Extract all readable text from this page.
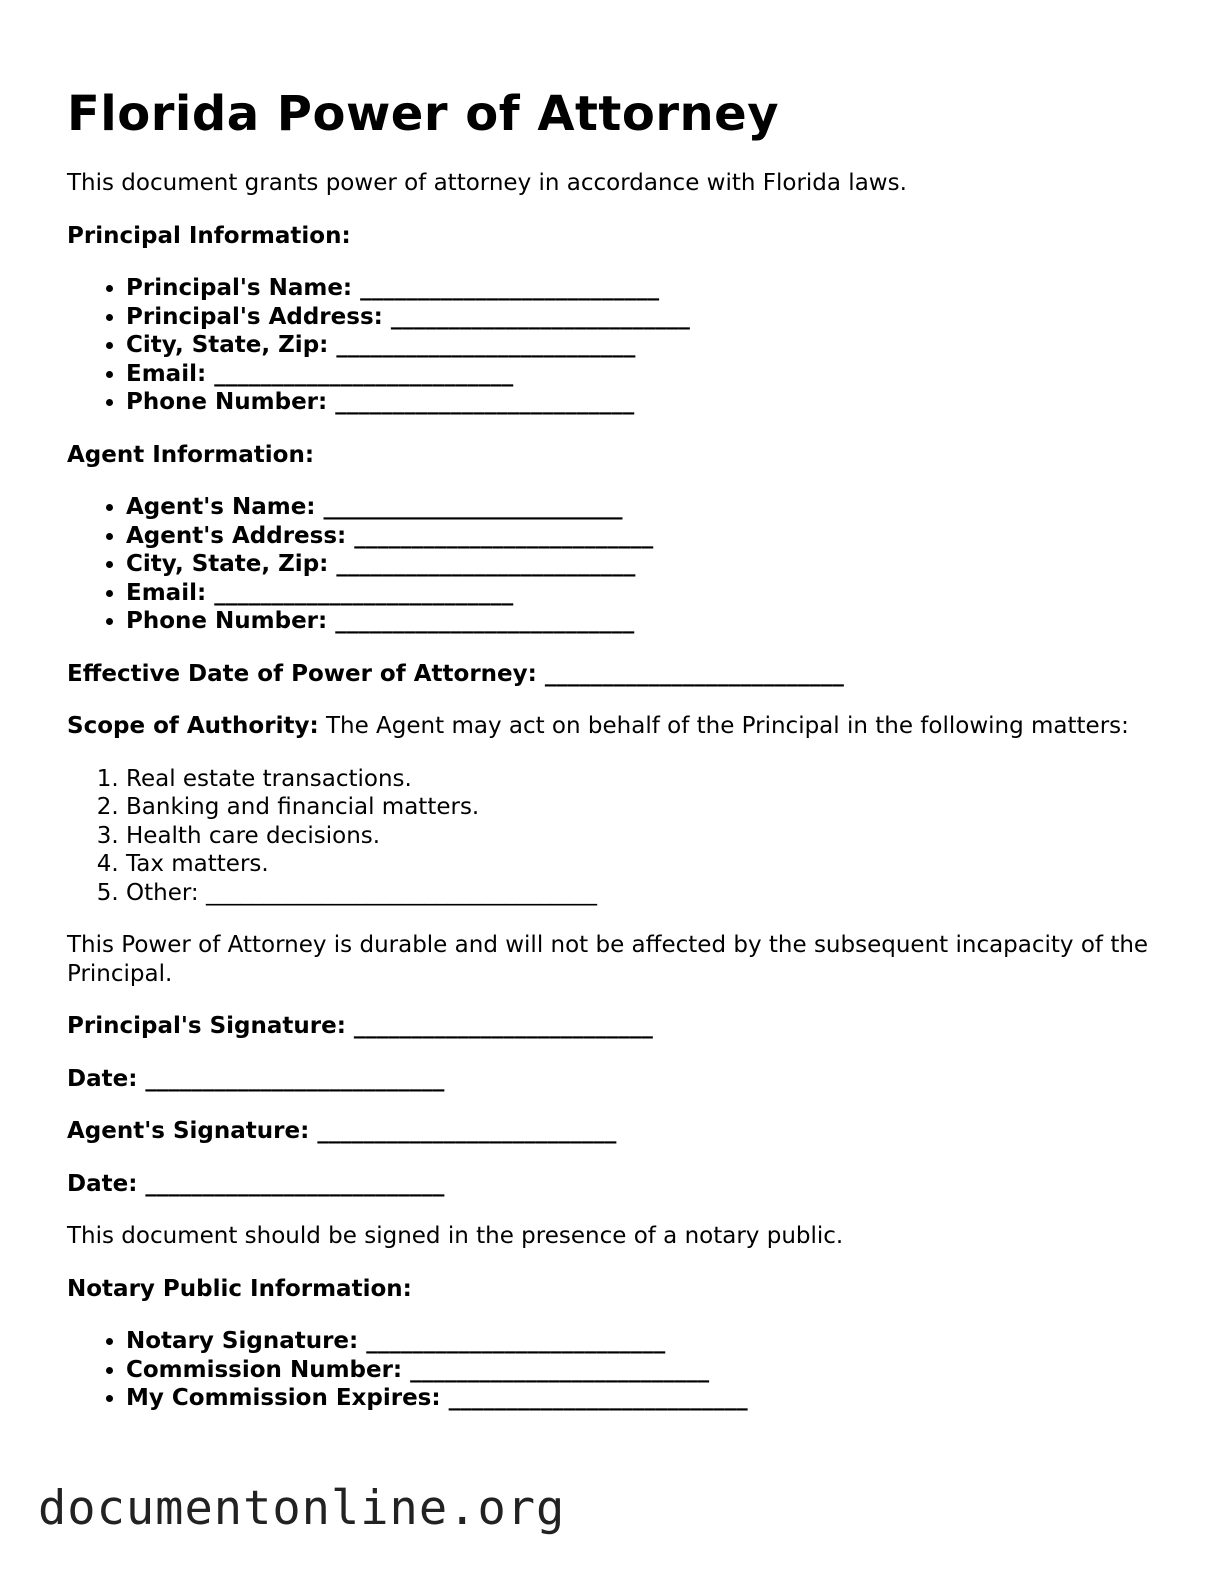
Florida Power of Attorney

This document grants power of attorney in accordance with Florida laws.

Principal Information:

• Principal's Name: __________________________
• Principal's Address: __________________________
• City, State, Zip: __________________________
• Email: __________________________
• Phone Number: __________________________

Agent Information:

• Agent's Name: __________________________
• Agent's Address: __________________________
• City, State, Zip: __________________________
• Email: __________________________
• Phone Number: __________________________

Effective Date of Power of Attorney: __________________________

Scope of Authority: The Agent may act on behalf of the Principal in the following matters:

1. Real estate transactions.
2. Banking and financial matters.
3. Health care decisions.
4. Tax matters.
5. Other: __________________________________

This Power of Attorney is durable and will not be affected by the subsequent incapacity of the Principal.

Principal's Signature: __________________________

Date: __________________________

Agent's Signature: __________________________

Date: __________________________

This document should be signed in the presence of a notary public.

Notary Public Information:

• Notary Signature: __________________________
• Commission Number: __________________________
• My Commission Expires: __________________________
documentonline.org
